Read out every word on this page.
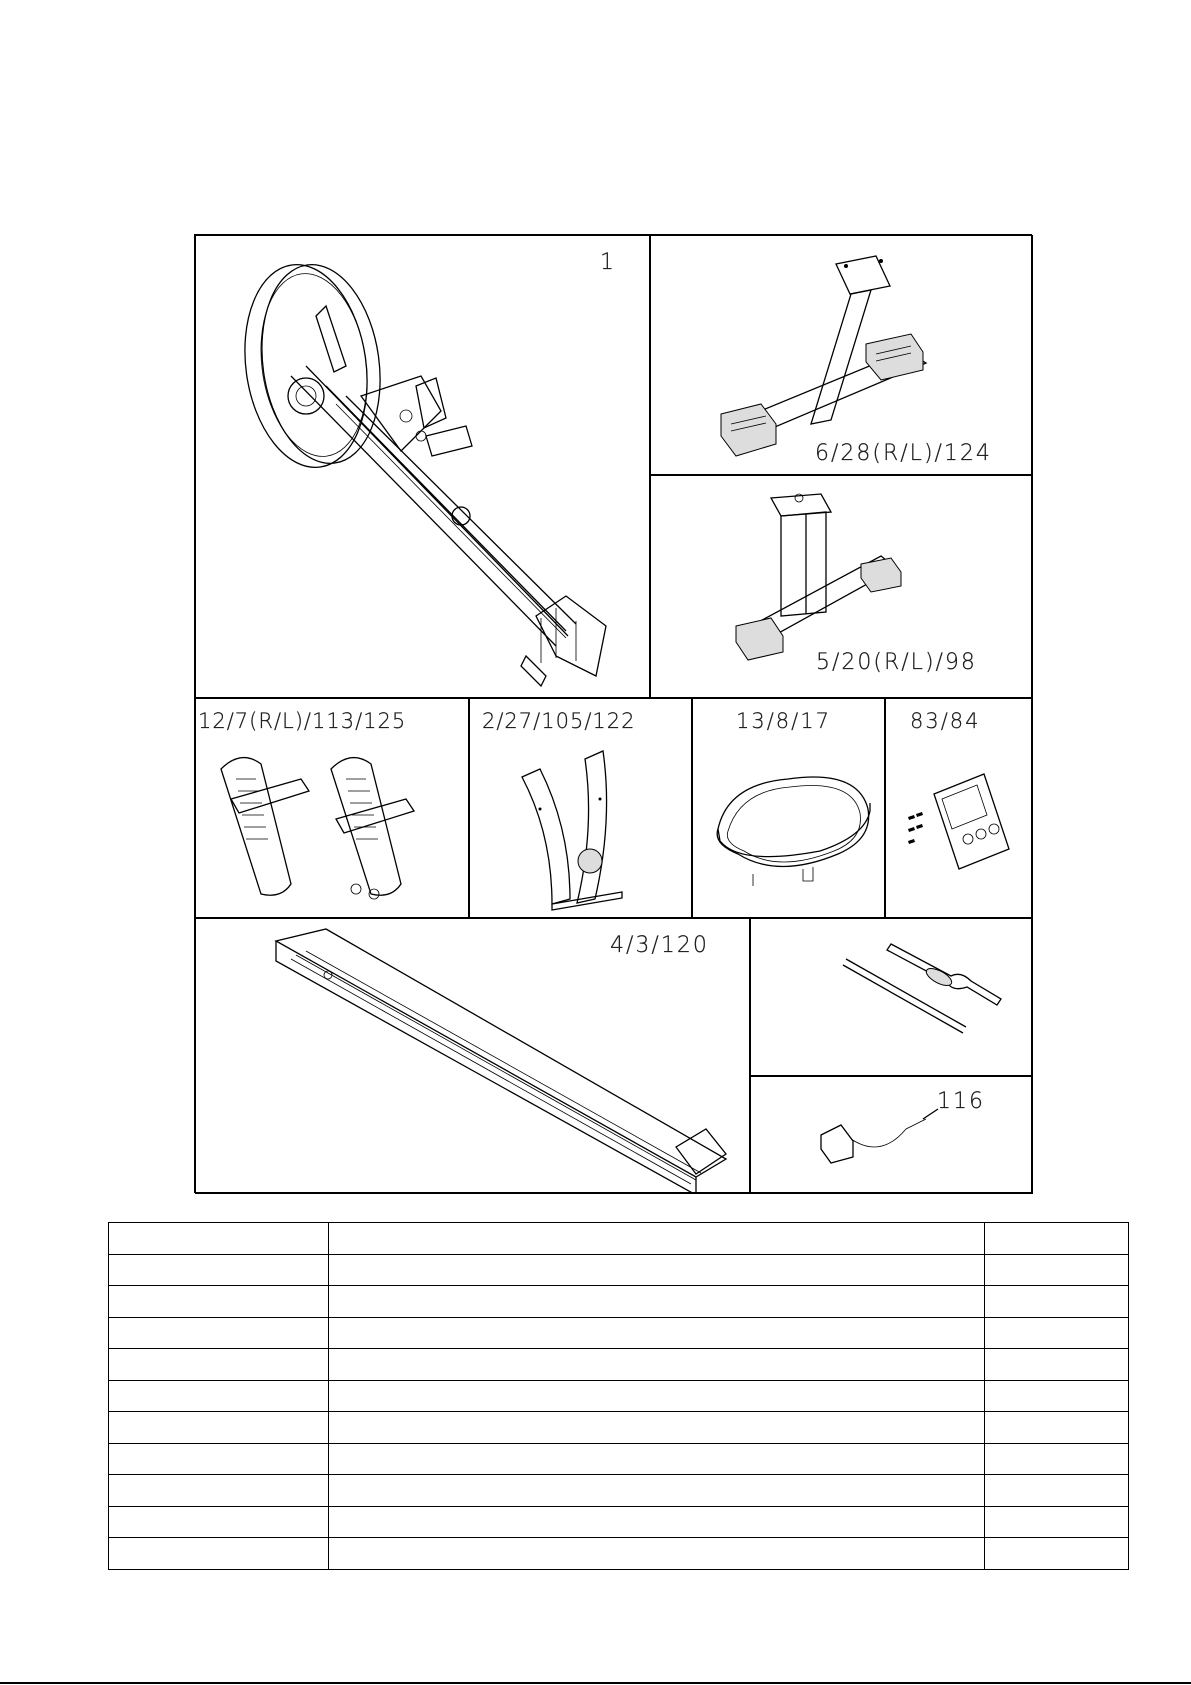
1
6/28(R/L)/124
5/20(R/L)/98
12/7(R/L)/113/125	2/27/105/122	13/8/17	83/84
4/3/120
116
